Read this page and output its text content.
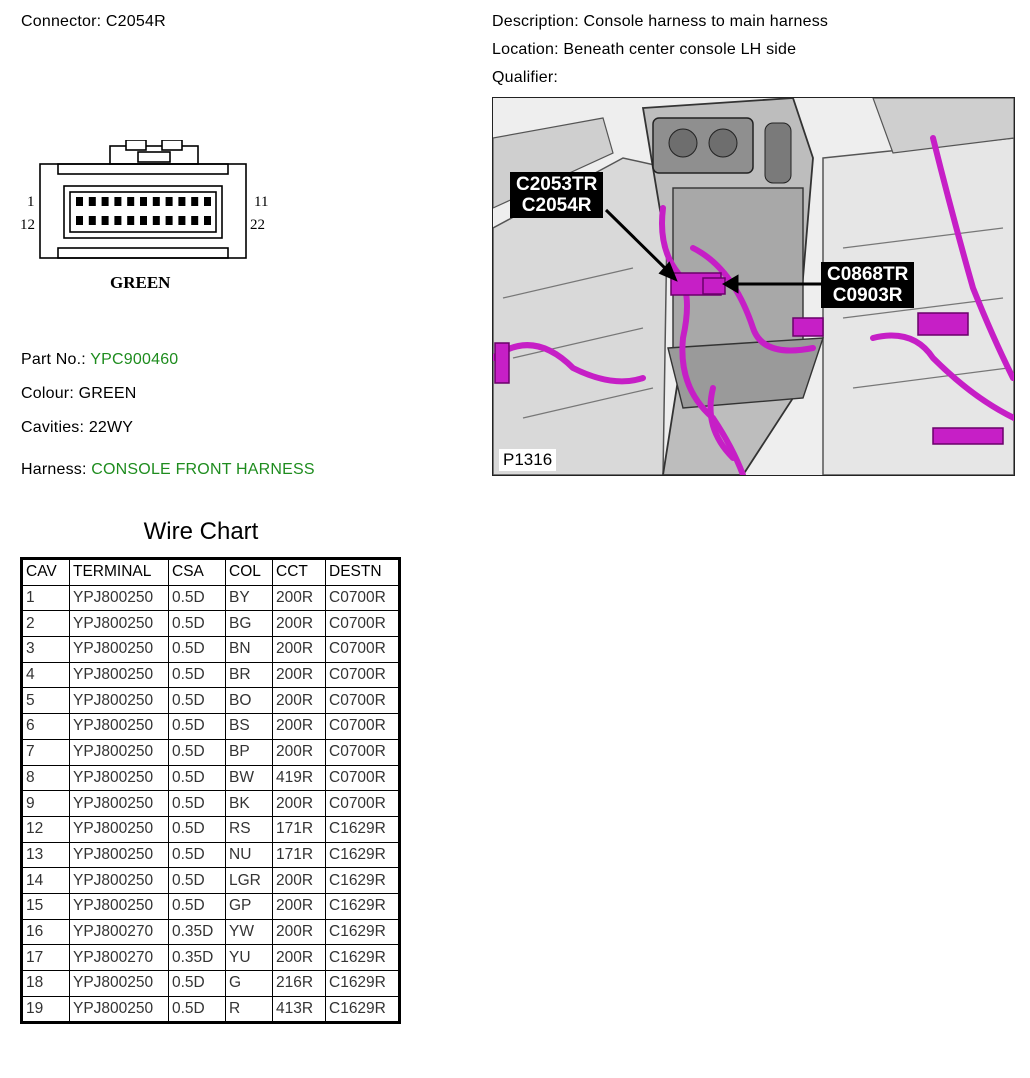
Connector: C2054R	Description: Console harness to main harness
Location: Beneath center console LH side
Qualifier:
1
12
11
22
GREEN
Part No.: YPC900460
Colour: GREEN
Cavities: 22WY
Harness: CONSOLE FRONT HARNESS
C2053TR
C2054R
C0868TR
C0903R
P1316
Wire Chart
CAV	TERMINAL	CSA	COL	CCT	DESTN
1	YPJ800250	0.5D	BY	200R	C0700R
2	YPJ800250	0.5D	BG	200R	C0700R
3	YPJ800250	0.5D	BN	200R	C0700R
4	YPJ800250	0.5D	BR	200R	C0700R
5	YPJ800250	0.5D	BO	200R	C0700R
6	YPJ800250	0.5D	BS	200R	C0700R
7	YPJ800250	0.5D	BP	200R	C0700R
8	YPJ800250	0.5D	BW	419R	C0700R
9	YPJ800250	0.5D	BK	200R	C0700R
12	YPJ800250	0.5D	RS	171R	C1629R
13	YPJ800250	0.5D	NU	171R	C1629R
14	YPJ800250	0.5D	LGR	200R	C1629R
15	YPJ800250	0.5D	GP	200R	C1629R
16	YPJ800270	0.35D	YW	200R	C1629R
17	YPJ800270	0.35D	YU	200R	C1629R
18	YPJ800250	0.5D	G	216R	C1629R
19	YPJ800250	0.5D	R	413R	C1629R
